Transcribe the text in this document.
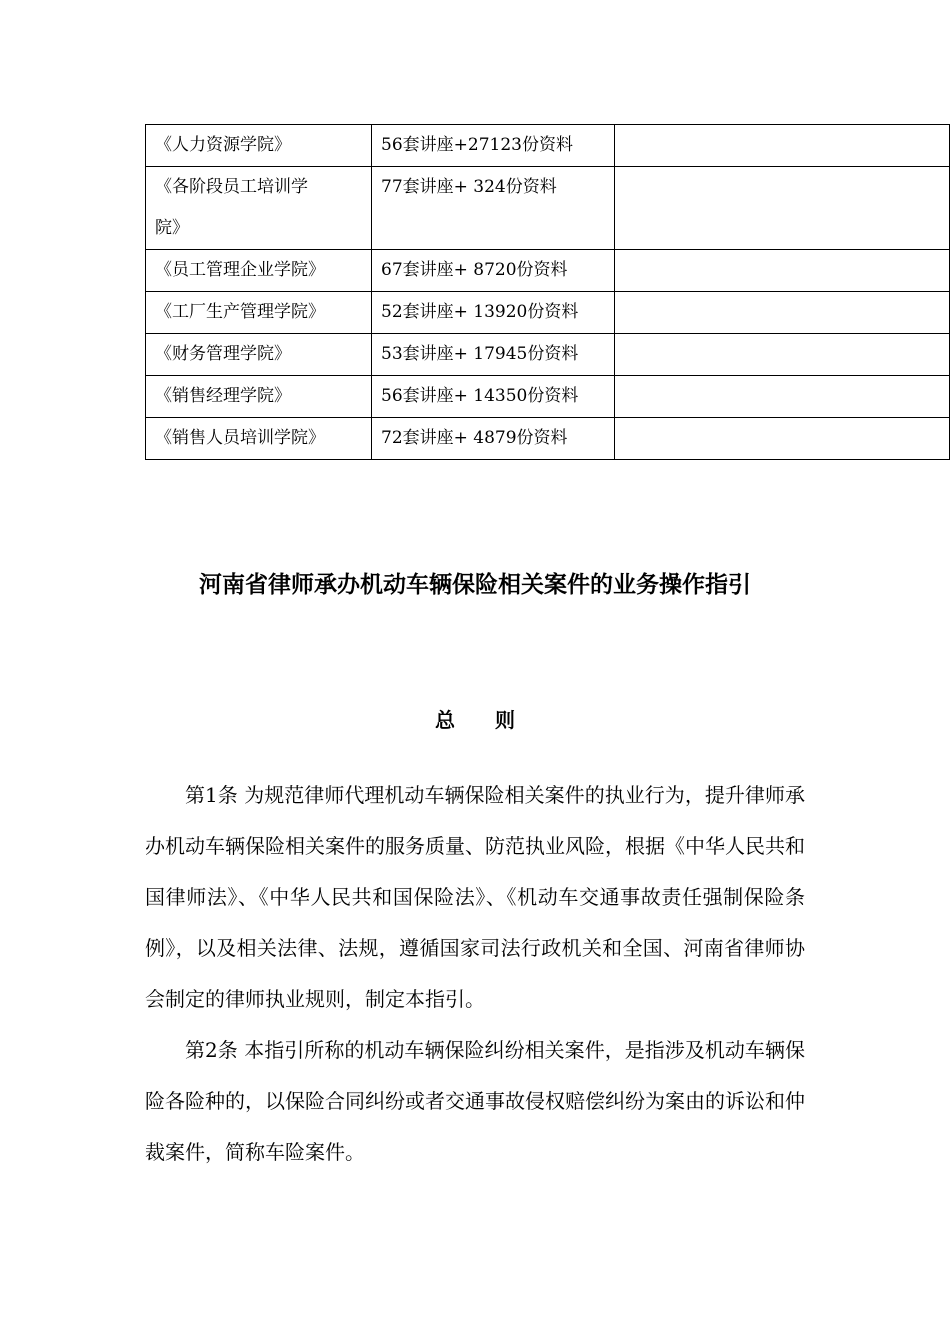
《人力资源学院》	56套讲座+27123份资料	
《各阶段员工培训学院》	77套讲座+ 324份资料	
《员工管理企业学院》	67套讲座+ 8720份资料	
《工厂生产管理学院》	52套讲座+ 13920份资料	
《财务管理学院》	53套讲座+ 17945份资料	
《销售经理学院》	56套讲座+ 14350份资料	
《销售人员培训学院》	72套讲座+ 4879份资料	
河南省律师承办机动车辆保险相关案件的业务操作指引
总　　则

第1条 为规范律师代理机动车辆保险相关案件的执业行为，提升律师承办机动车辆保险相关案件的服务质量、防范执业风险，根据《中华人民共和国律师法》、《中华人民共和国保险法》、《机动车交通事故责任强制保险条例》，以及相关法律、法规，遵循国家司法行政机关和全国、河南省律师协会制定的律师执业规则，制定本指引。

第2条 本指引所称的机动车辆保险纠纷相关案件，是指涉及机动车辆保险各险种的，以保险合同纠纷或者交通事故侵权赔偿纠纷为案由的诉讼和仲裁案件，简称车险案件。
